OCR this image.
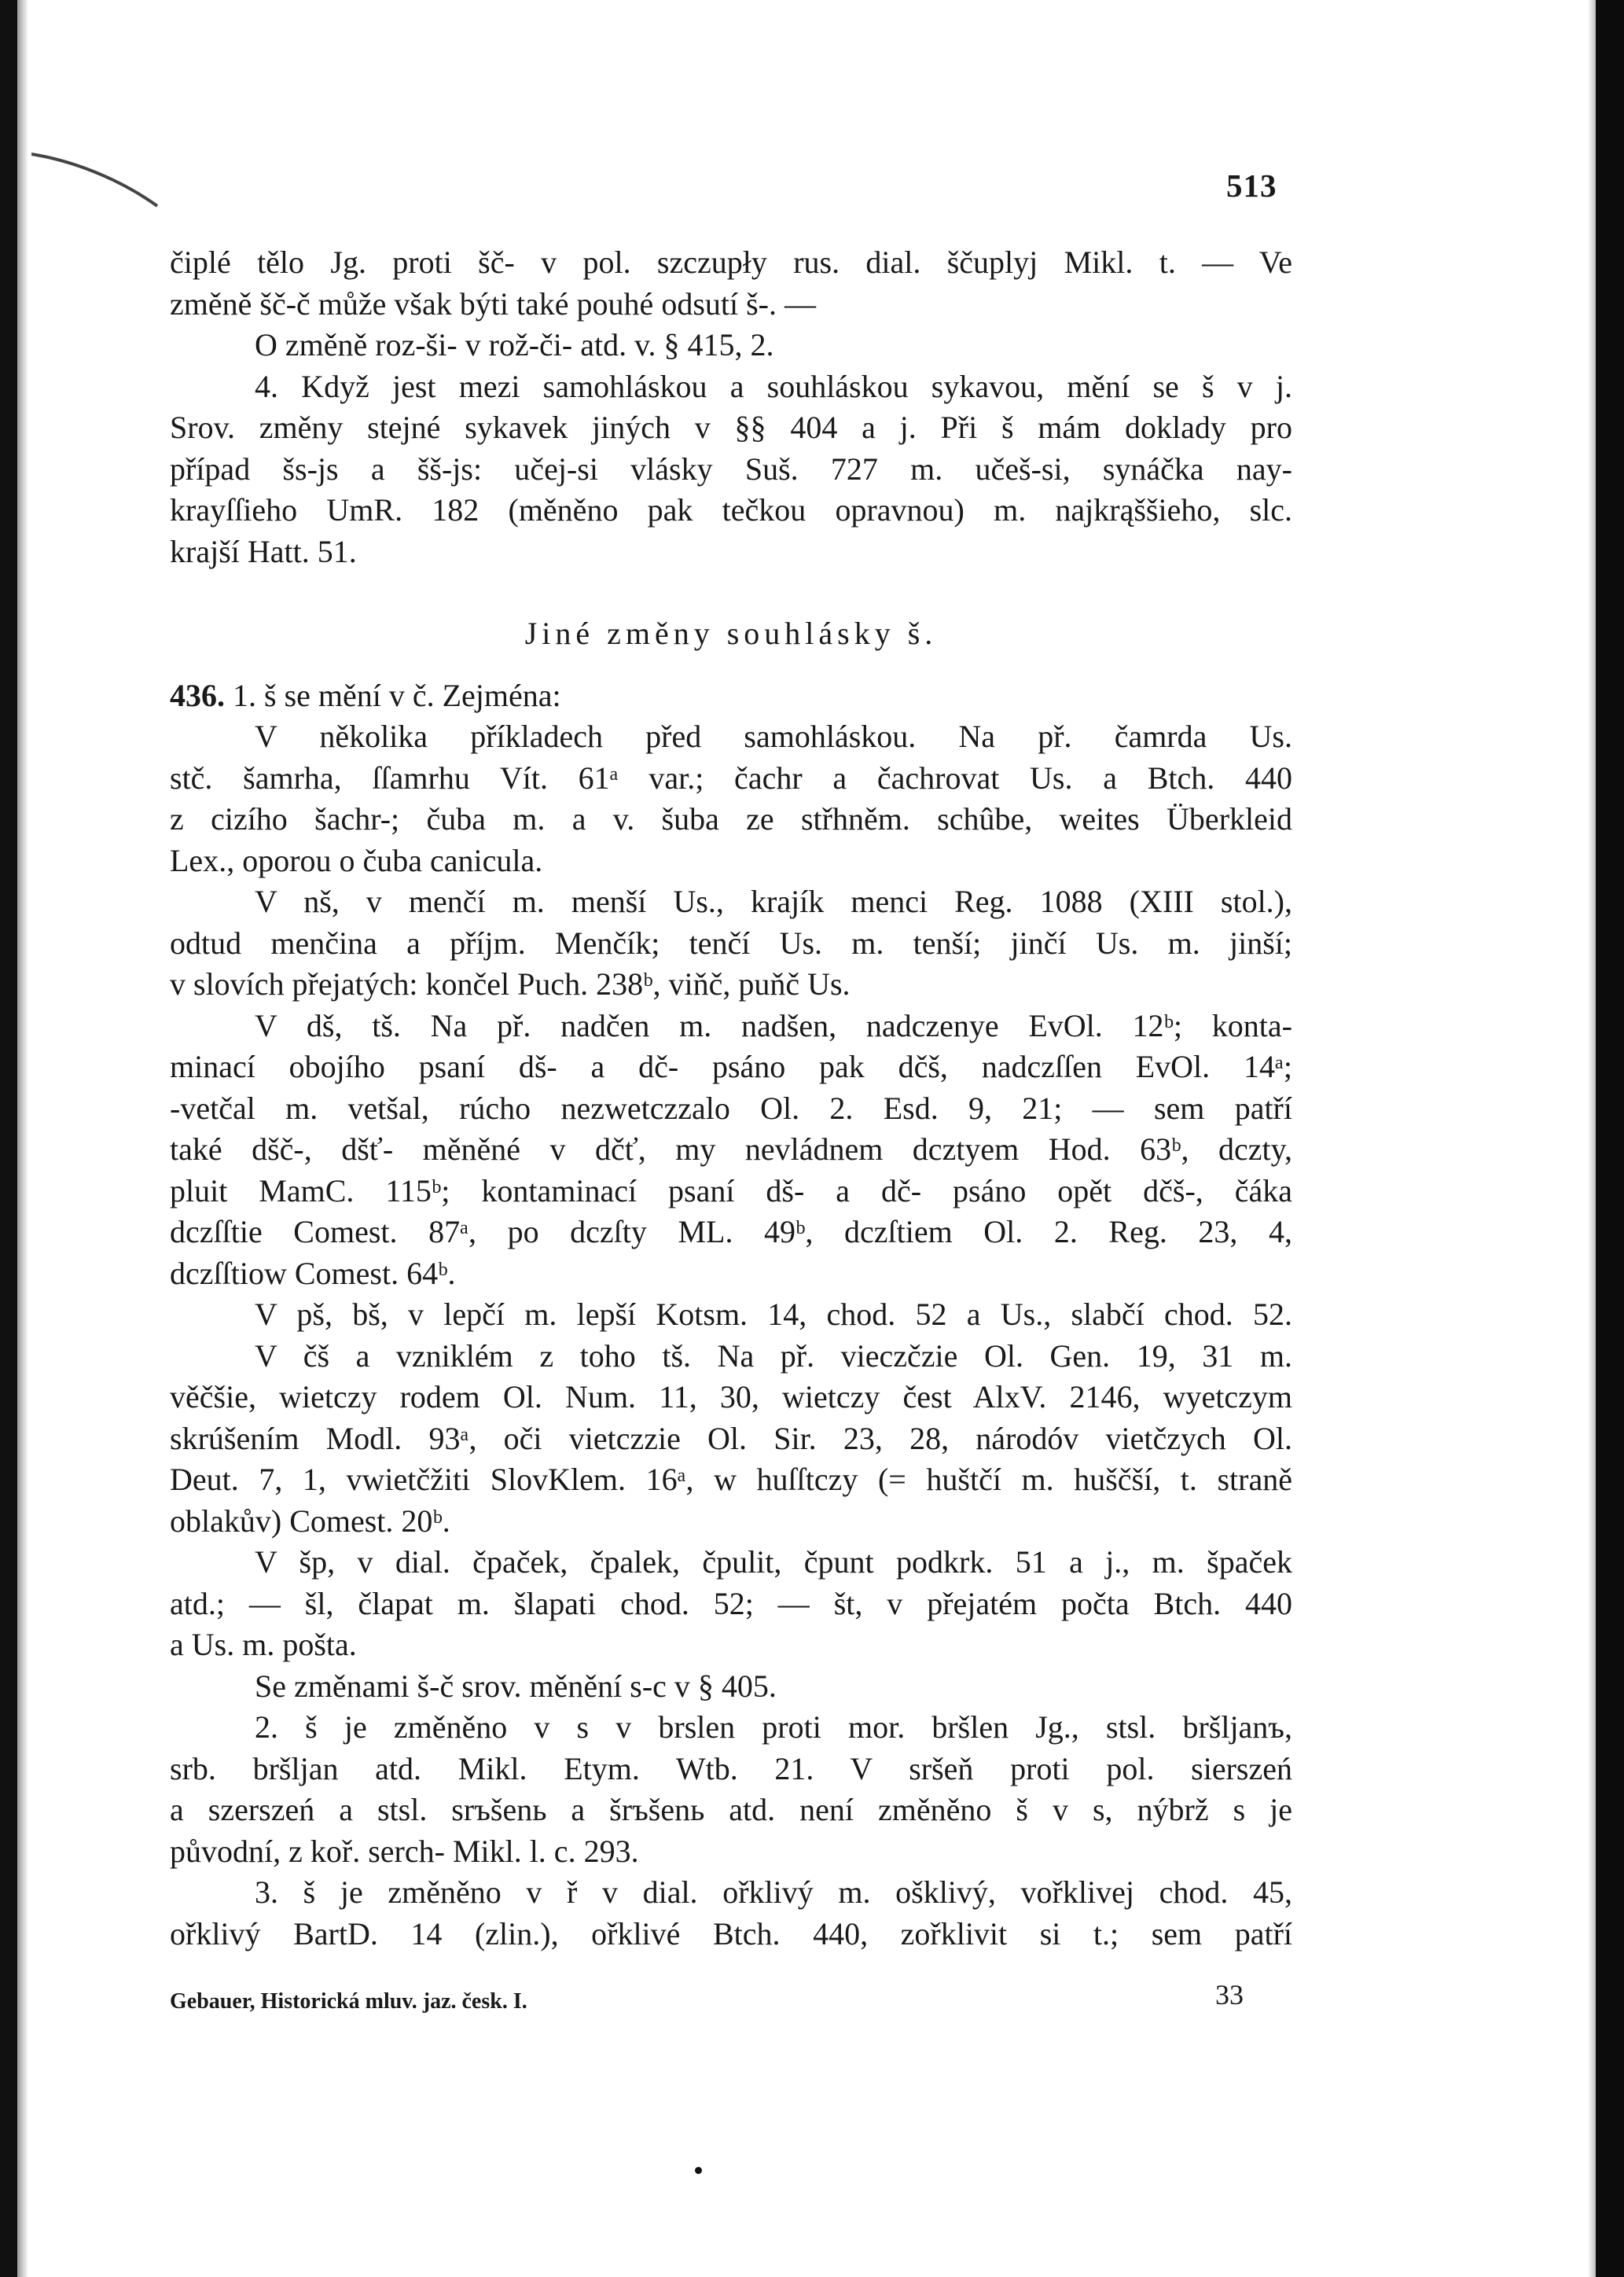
513
čiplé tělo Jg. proti šč- v pol. szczupły rus. dial. ščuplyj Mikl. t. — Ve
změně šč-č může však býti také pouhé odsutí š-. —
O změně roz-ši- v rož-či- atd. v. § 415, 2.
4. Když jest mezi samohláskou a souhláskou sykavou, mění se š v j.
Srov. změny stejné sykavek jiných v §§ 404 a j. Při š mám doklady pro
případ šs-js a šš-js: učej-si vlásky Suš. 727 m. učeš-si, synáčka nay-
krayſſieho UmR. 182 (měněno pak tečkou opravnou) m. najkrąššieho, slc.
krajší Hatt. 51.
Jiné změny souhlásky š.
436. 1. š se mění v č. Zejména:
V několika příkladech před samohláskou. Na př. čamrda Us.
stč. šamrha, ſſamrhu Vít. 61ᵃ var.; čachr a čachrovat Us. a Btch. 440
z cizího šachr-; čuba m. a v. šuba ze střhněm. schûbe, weites Überkleid
Lex., oporou o čuba canicula.
V nš, v menčí m. menší Us., krajík menci Reg. 1088 (XIII stol.),
odtud menčina a příjm. Menčík; tenčí Us. m. tenší; jinčí Us. m. jinší;
v slovích přejatých: končel Puch. 238ᵇ, viňč, puňč Us.
V dš, tš. Na př. nadčen m. nadšen, nadczenye EvOl. 12ᵇ; konta-
minací obojího psaní dš- a dč- psáno pak dčš, nadczſſen EvOl. 14ᵃ;
-vetčal m. vetšal, rúcho nezwetczzalo Ol. 2. Esd. 9, 21; — sem patří
také dšč-, dšť- měněné v dčť, my nevládnem dcztyem Hod. 63ᵇ, dczty,
pluit MamC. 115ᵇ; kontaminací psaní dš- a dč- psáno opět dčš-, čáka
dczſſtie Comest. 87ᵃ, po dczſty ML. 49ᵇ, dczſtiem Ol. 2. Reg. 23, 4,
dczſſtiow Comest. 64ᵇ.
V pš, bš, v lepčí m. lepší Kotsm. 14, chod. 52 a Us., slabčí chod. 52.
V čš a vzniklém z toho tš. Na př. vieczčzie Ol. Gen. 19, 31 m.
věčšie, wietczy rodem Ol. Num. 11, 30, wietczy čest AlxV. 2146, wyetczym
skrúšením Modl. 93ᵃ, oči vietczzie Ol. Sir. 23, 28, národóv vietčzych Ol.
Deut. 7, 1, vwietčžiti SlovKlem. 16ᵃ, w huſſtczy (= huštčí m. huščší, t. straně
oblakův) Comest. 20ᵇ.
V šp, v dial. čpaček, čpalek, čpulit, čpunt podkrk. 51 a j., m. špaček
atd.; — šl, člapat m. šlapati chod. 52; — št, v přejatém počta Btch. 440
a Us. m. pošta.
Se změnami š-č srov. měnění s-c v § 405.
2. š je změněno v s v brslen proti mor. bršlen Jg., stsl. bršljanъ,
srb. bršljan atd. Mikl. Etym. Wtb. 21. V sršeň proti pol. sierszeń
a szerszeń a stsl. srъšenь a šrъšenь atd. není změněno š v s, nýbrž s je
původní, z koř. serch- Mikl. l. c. 293.
3. š je změněno v ř v dial. ořklivý m. ošklivý, vořklivej chod. 45,
ořklivý BartD. 14 (zlin.), ořklivé Btch. 440, zořklivit si t.; sem patří
Gebauer, Historická mluv. jaz. česk. I.	33
